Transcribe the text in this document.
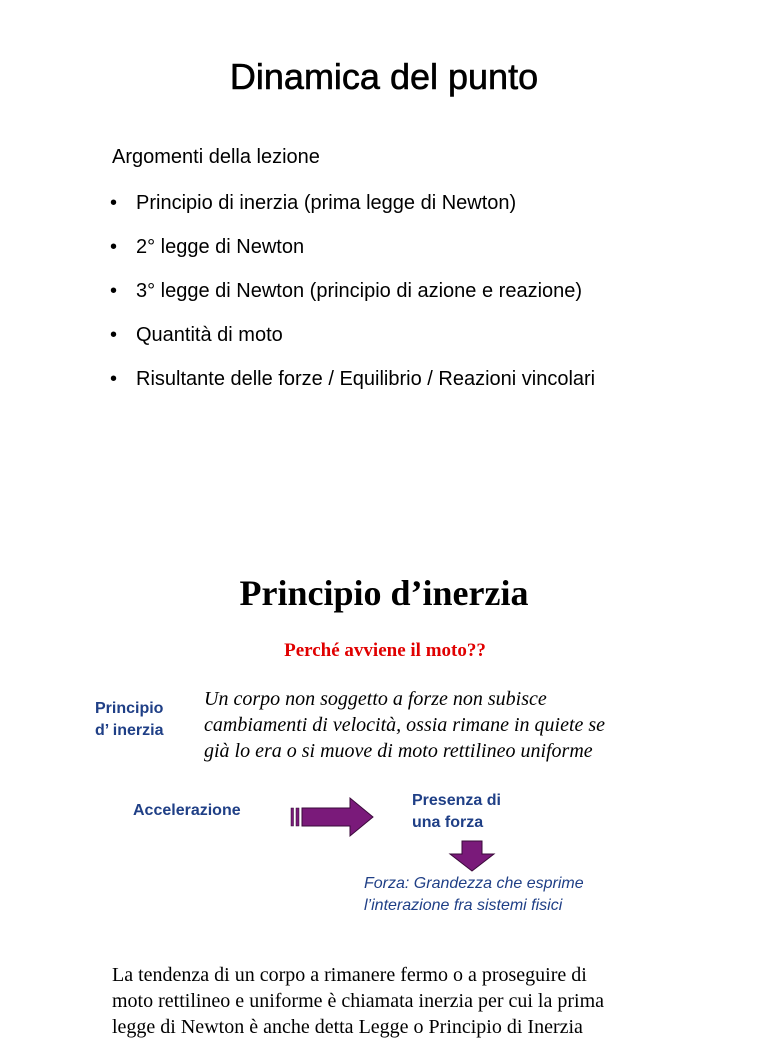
Dinamica del punto
Argomenti della lezione
• Principio di inerzia (prima legge di Newton)
• 2° legge di Newton
• 3° legge di Newton (principio di azione e reazione)
• Quantità di moto
• Risultante delle forze / Equilibrio / Reazioni vincolari
Principio d’inerzia
Perché avviene il moto??
Principio
d’ inerzia
Un corpo non soggetto a forze non subisce
cambiamenti di velocità, ossia rimane in quiete se
già lo era o si muove di moto rettilineo uniforme
Accelerazione
Presenza di
una forza
Forza: Grandezza che esprime
l’interazione fra sistemi fisici
La tendenza di un corpo a rimanere fermo o a proseguire di
moto rettilineo e uniforme è chiamata inerzia per cui la prima
legge di Newton è anche detta Legge o Principio di Inerzia
